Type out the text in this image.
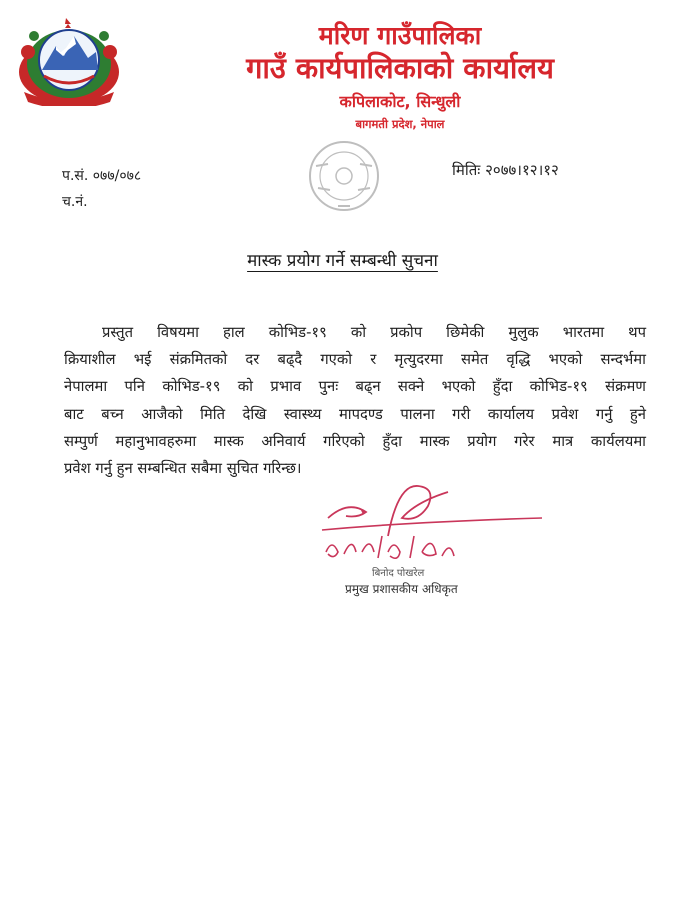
मरिण गाउँपालिका
गाउँ कार्यपालिकाको कार्यालय
कपिलाकोट, सिन्धुली
बागमती प्रदेश, नेपाल
प.सं. ०७७/०७८
च.नं.
मितिः २०७७।१२।१२
मास्क प्रयोग गर्ने सम्बन्धी सुचना
प्रस्तुत विषयमा हाल कोभिड-१९ को प्रकोप छिमेकी मुलुक भारतमा थप
क्रियाशील भई संक्रमितको दर बढ्दै गएको र मृत्युदरमा समेत वृद्धि भएको सन्दर्भमा
नेपालमा पनि कोभिड-१९ को प्रभाव पुनः बढ्न सक्ने भएको हुँदा कोभिड-१९ संक्रमण
बाट बच्न आजैको मिति देखि स्वास्थ्य मापदण्ड पालना गरी कार्यालय प्रवेश गर्नु हुने
सम्पुर्ण महानुभावहरुमा मास्क अनिवार्य गरिएको हुँदा मास्क प्रयोग गरेर मात्र कार्यलयमा
प्रवेश गर्नु हुन सम्बन्धित सबैमा सुचित गरिन्छ।
बिनोद पोखरेल
प्रमुख प्रशासकीय अधिकृत
